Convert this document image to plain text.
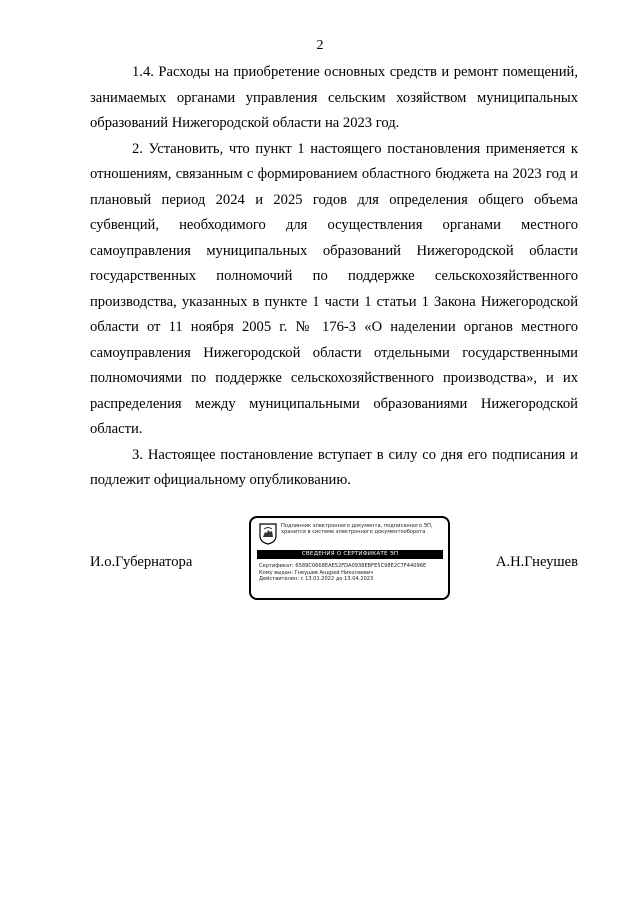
2

1.4. Расходы на приобретение основных средств и ремонт помещений, занимаемых органами управления сельским хозяйством муниципальных образований Нижегородской области на 2023 год.

2. Установить, что пункт 1 настоящего постановления применяется к отношениям, связанным с формированием областного бюджета на 2023 год и плановый период 2024 и 2025 годов для определения общего объема субвенций, необходимого для осуществления органами местного самоуправления муниципальных образований Нижегородской области государственных полномочий по поддержке сельскохозяйственного производства, указанных в пункте 1 части 1 статьи 1 Закона Нижегородской области от 11 ноября 2005 г. № 176-З «О наделении органов местного самоуправления Нижегородской области отдельными государственными полномочиями по поддержке сельскохозяйственного производства», и их распределения между муниципальными образованиями Нижегородской области.

3. Настоящее постановление вступает в силу со дня его подписания и подлежит официальному опубликованию.

И.о.Губернатора
Подлинник электронного документа, подписанного ЭП,
хранится в системе электронного документооборота
СВЕДЕНИЯ О СЕРТИФИКАТЕ ЭП
Сертификат: 6589C0668EAE52FDA0938EBFE5C98E2C7F44096E
Кому выдан: Гнеушев Андрей Николаевич
Действителен: с 13.01.2022 до 13.04.2023
А.Н.Гнеушев
